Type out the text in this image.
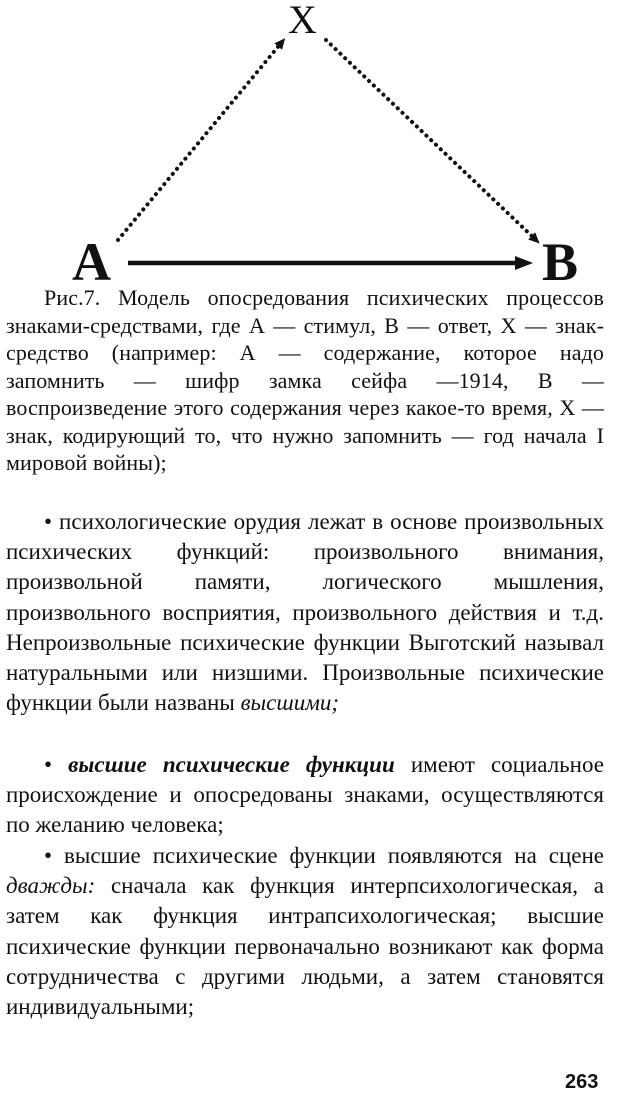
X
A	B
Рис.7. Модель опосредования психических процессов знаками-средствами, где А — стимул, В — ответ, Х — знак-средство (например: А — содержание, которое надо запомнить — шифр замка сейфа —1914, В — воспроизведение этого содержания через какое-то время, Х — знак, кодирующий то, что нужно запомнить — год начала I мировой войны);

• психологические орудия лежат в основе произвольных психических функций: произвольного внимания, произвольной памяти, логического мышления, произвольного восприятия, произвольного действия и т.д. Непроизвольные психические функции Выготский называл натуральными или низшими. Произвольные психические функции были названы высшими;

• высшие психические функции имеют социальное происхождение и опосредованы знаками, осуществляются по желанию человека;

• высшие психические функции появляются на сцене дважды: сначала как функция интерпсихологическая, а затем как функция интрапсихологическая; высшие психические функции первоначально возникают как форма сотрудничества с другими людьми, а затем становятся индивидуальными;

263
